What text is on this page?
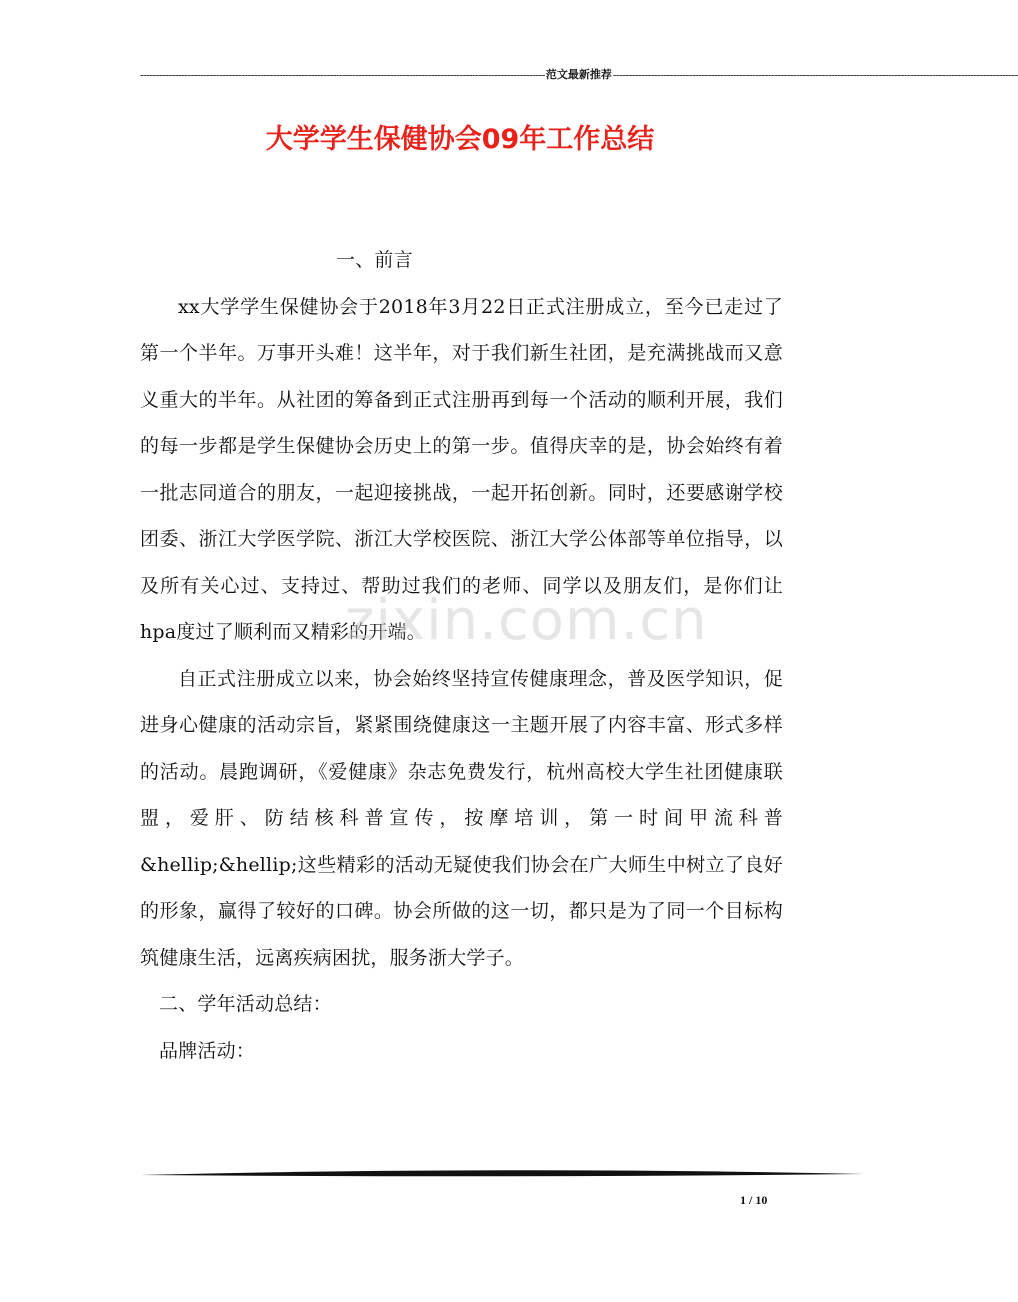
-------------------------------------------------------------------------------------------------------------------------------- 范文最新推荐 --------------------------------------------------------------------------------------------------------------------------------
大学学生保健协会09年工作总结

一、前言

xx大学学生保健协会于2018年3月22日正式注册成立，至今已走过了第一个半年。万事开头难！这半年，对于我们新生社团，是充满挑战而又意义重大的半年。从社团的筹备到正式注册再到每一个活动的顺利开展，我们的每一步都是学生保健协会历史上的第一步。值得庆幸的是，协会始终有着一批志同道合的朋友，一起迎接挑战，一起开拓创新。同时，还要感谢学校团委、浙江大学医学院、浙江大学校医院、浙江大学公体部等单位指导，以及所有关心过、支持过、帮助过我们的老师、同学以及朋友们，是你们让hpa度过了顺利而又精彩的开端。

自正式注册成立以来，协会始终坚持宣传健康理念，普及医学知识，促进身心健康的活动宗旨，紧紧围绕健康这一主题开展了内容丰富、形式多样的活动。晨跑调研，《爱健康》杂志免费发行，杭州高校大学生社团健康联盟，爱肝、防结核科普宣传，按摩培训，第一时间甲流科普&hellip;&hellip;这些精彩的活动无疑使我们协会在广大师生中树立了良好的形象，赢得了较好的口碑。协会所做的这一切，都只是为了同一个目标构筑健康生活，远离疾病困扰，服务浙大学子。

二、学年活动总结：

品牌活动：

zixin.com.cn
1 / 10
